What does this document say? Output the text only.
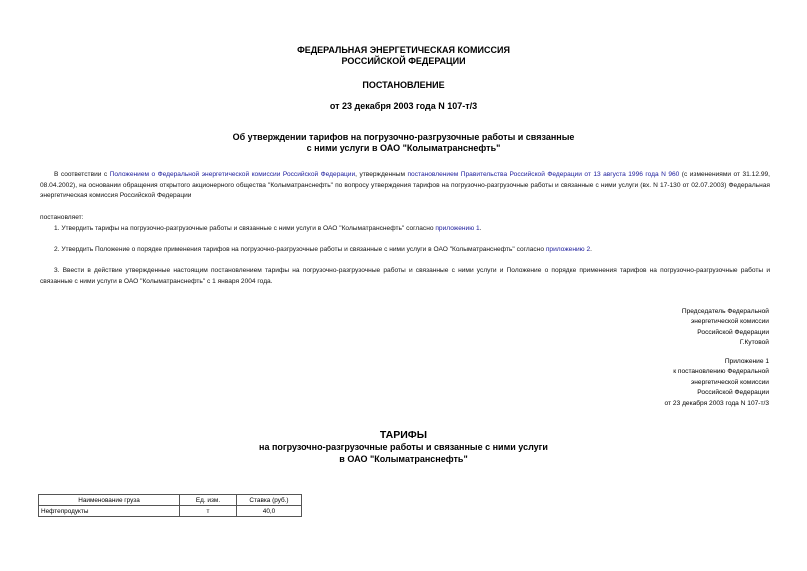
ФЕДЕРАЛЬНАЯ ЭНЕРГЕТИЧЕСКАЯ КОМИССИЯ
РОССИЙСКОЙ ФЕДЕРАЦИИ
ПОСТАНОВЛЕНИЕ
от 23 декабря 2003 года N 107-т/3
Об утверждении тарифов на погрузочно-разгрузочные работы и связанные
с ними услуги в ОАО "Колыматранснефть"
В соответствии с Положением о Федеральной энергетической комиссии Российской Федерации, утвержденным постановлением Правительства Российской Федерации от 13 августа 1996 года N 960 (с изменениями от 31.12.99, 08.04.2002), на основании обращения открытого акционерного общества "Колыматранснефть" по вопросу утверждения тарифов на погрузочно-разгрузочные работы и связанные с ними услуги (вх. N 17-130 от 02.07.2003) Федеральная энергетическая комиссия Российской Федерации
постановляет:
1. Утвердить тарифы на погрузочно-разгрузочные работы и связанные с ними услуги в ОАО "Колыматранснефть" согласно приложению 1.
2. Утвердить Положение о порядке применения тарифов на погрузочно-разгрузочные работы и связанные с ними услуги в ОАО "Колыматранснефть" согласно приложению 2.
3. Ввести в действие утвержденные настоящим постановлением тарифы на погрузочно-разгрузочные работы и связанные с ними услуги и Положение о порядке применения тарифов на погрузочно-разгрузочные работы и связанные с ними услуги в ОАО "Колыматранснефть" с 1 января 2004 года.
Председатель Федеральной
энергетической комиссии
Российской Федерации
Г.Кутовой
Приложение 1
к постановлению Федеральной
энергетической комиссии
Российской Федерации
от 23 декабря 2003 года N 107-т/3
ТАРИФЫ
на погрузочно-разгрузочные работы и связанные с ними услуги
в ОАО "Колыматранснефть"
Наименование груза	Ед. изм.	Ставка (руб.)
Нефтепродукты	т	40,0
